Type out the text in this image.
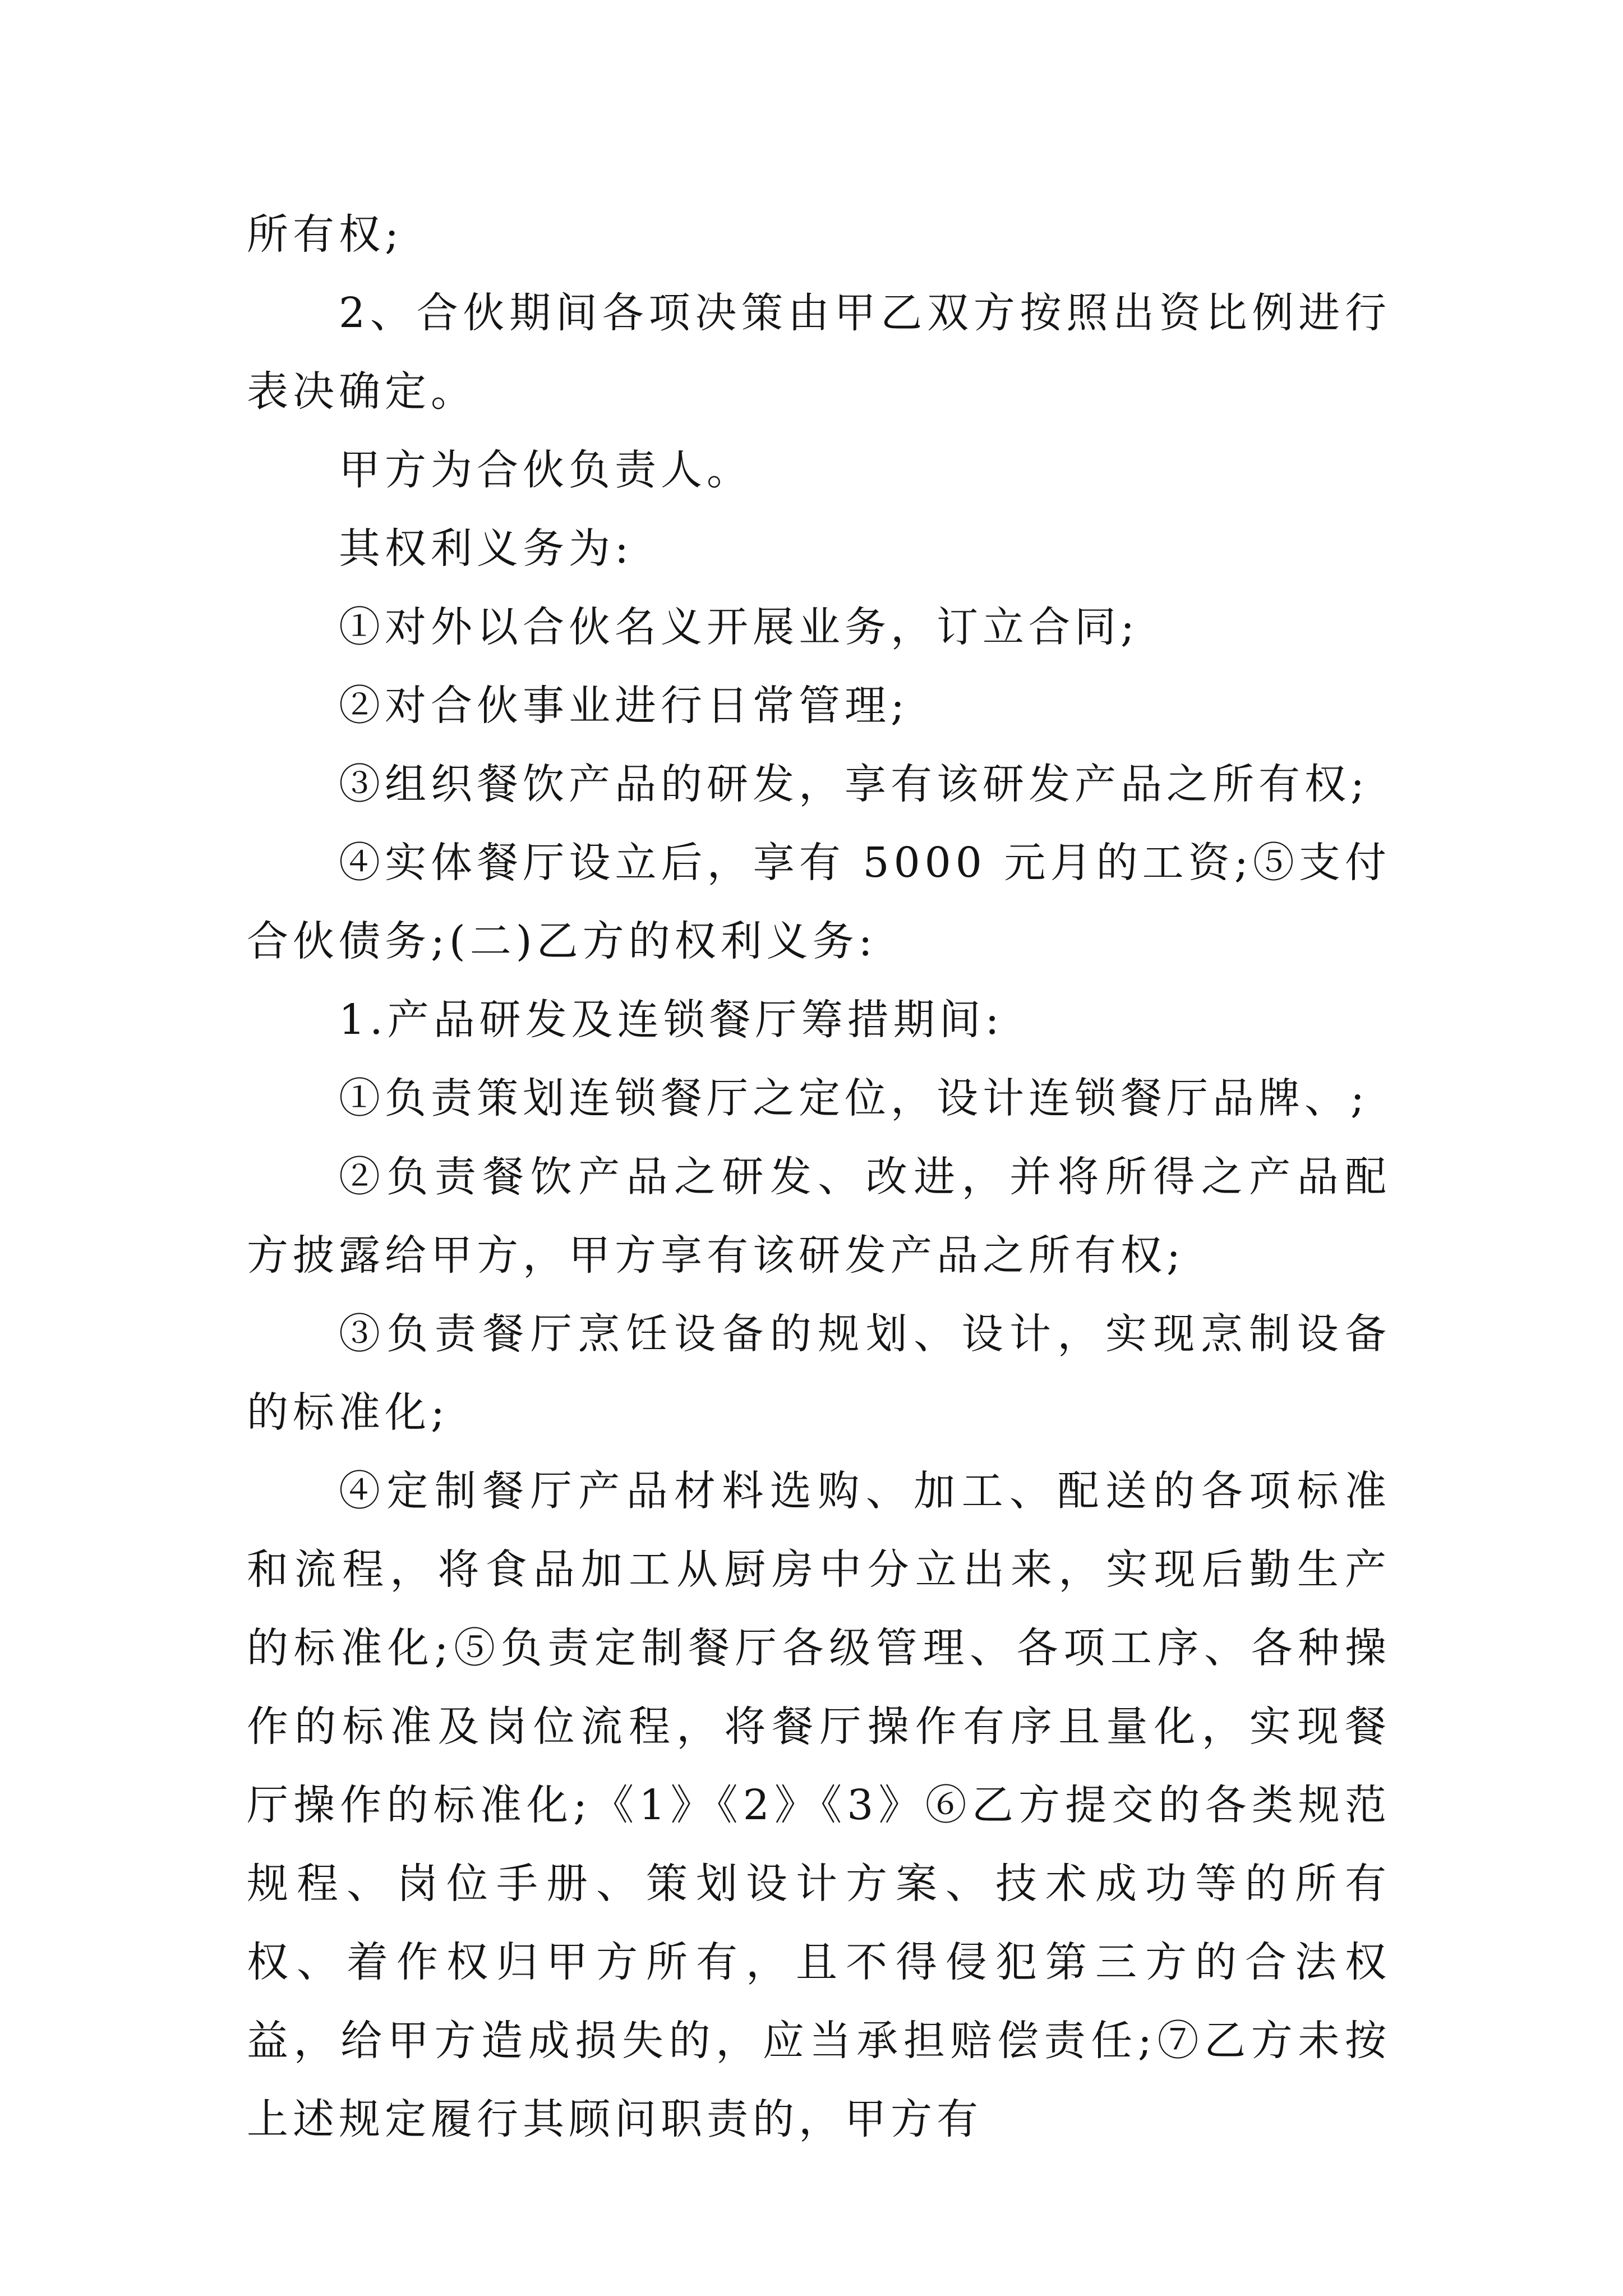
所有权;

2、合伙期间各项决策由甲乙双方按照出资比例进行表决确定。

甲方为合伙负责人。

其权利义务为:

①对外以合伙名义开展业务，订立合同;

②对合伙事业进行日常管理;

③组织餐饮产品的研发，享有该研发产品之所有权;

④实体餐厅设立后，享有 5000 元月的工资;⑤支付合伙债务;(二)乙方的权利义务:

1.产品研发及连锁餐厅筹措期间:

①负责策划连锁餐厅之定位，设计连锁餐厅品牌、;

②负责餐饮产品之研发、改进，并将所得之产品配方披露给甲方，甲方享有该研发产品之所有权;

③负责餐厅烹饪设备的规划、设计，实现烹制设备的标准化;

④定制餐厅产品材料选购、加工、配送的各项标准和流程，将食品加工从厨房中分立出来，实现后勤生产的标准化;⑤负责定制餐厅各级管理、各项工序、各种操作的标准及岗位流程，将餐厅操作有序且量化，实现餐厅操作的标准化;《1》《2》《3》⑥乙方提交的各类规范规程、岗位手册、策划设计方案、技术成功等的所有权、着作权归甲方所有，且不得侵犯第三方的合法权益，给甲方造成损失的，应当承担赔偿责任;⑦乙方未按上述规定履行其顾问职责的，甲方有
